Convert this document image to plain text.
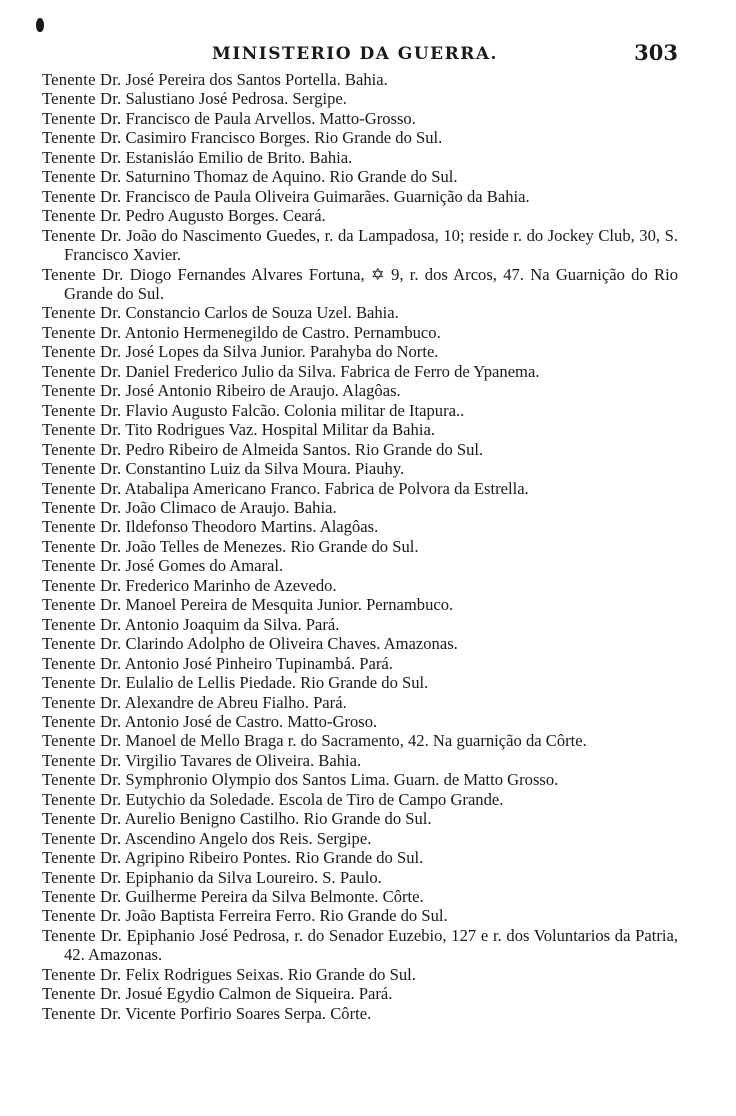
MINISTERIO DA GUERRA.	303
Tenente Dr. José Pereira dos Santos Portella. Bahia.
Tenente Dr. Salustiano José Pedrosa. Sergipe.
Tenente Dr. Francisco de Paula Arvellos. Matto-Grosso.
Tenente Dr. Casimiro Francisco Borges. Rio Grande do Sul.
Tenente Dr. Estanisláo Emilio de Brito. Bahia.
Tenente Dr. Saturnino Thomaz de Aquino. Rio Grande do Sul.
Tenente Dr. Francisco de Paula Oliveira Guimarães. Guarnição da Bahia.
Tenente Dr. Pedro Augusto Borges. Ceará.
Tenente Dr. João do Nascimento Guedes, r. da Lampadosa, 10; reside r. do Jockey Club, 30, S. Francisco Xavier.
Tenente Dr. Diogo Fernandes Alvares Fortuna, ✡ 9, r. dos Arcos, 47. Na Guarnição do Rio Grande do Sul.
Tenente Dr. Constancio Carlos de Souza Uzel. Bahia.
Tenente Dr. Antonio Hermenegildo de Castro. Pernambuco.
Tenente Dr. José Lopes da Silva Junior. Parahyba do Norte.
Tenente Dr. Daniel Frederico Julio da Silva. Fabrica de Ferro de Ypanema.
Tenente Dr. José Antonio Ribeiro de Araujo. Alagôas.
Tenente Dr. Flavio Augusto Falcão. Colonia militar de Itapura..
Tenente Dr. Tito Rodrigues Vaz. Hospital Militar da Bahia.
Tenente Dr. Pedro Ribeiro de Almeida Santos. Rio Grande do Sul.
Tenente Dr. Constantino Luiz da Silva Moura. Piauhy.
Tenente Dr. Atabalipa Americano Franco. Fabrica de Polvora da Estrella.
Tenente Dr. João Climaco de Araujo. Bahia.
Tenente Dr. Ildefonso Theodoro Martins. Alagôas.
Tenente Dr. João Telles de Menezes. Rio Grande do Sul.
Tenente Dr. José Gomes do Amaral.
Tenente Dr. Frederico Marinho de Azevedo.
Tenente Dr. Manoel Pereira de Mesquita Junior. Pernambuco.
Tenente Dr. Antonio Joaquim da Silva. Pará.
Tenente Dr. Clarindo Adolpho de Oliveira Chaves. Amazonas.
Tenente Dr. Antonio José Pinheiro Tupinambá. Pará.
Tenente Dr. Eulalio de Lellis Piedade. Rio Grande do Sul.
Tenente Dr. Alexandre de Abreu Fialho. Pará.
Tenente Dr. Antonio José de Castro. Matto-Groso.
Tenente Dr. Manoel de Mello Braga r. do Sacramento, 42. Na guarnição da Côrte.
Tenente Dr. Virgilio Tavares de Oliveira. Bahia.
Tenente Dr. Symphronio Olympio dos Santos Lima. Guarn. de Matto Grosso.
Tenente Dr. Eutychio da Soledade. Escola de Tiro de Campo Grande.
Tenente Dr. Aurelio Benigno Castilho. Rio Grande do Sul.
Tenente Dr. Ascendino Angelo dos Reis. Sergipe.
Tenente Dr. Agripino Ribeiro Pontes. Rio Grande do Sul.
Tenente Dr. Epiphanio da Silva Loureiro. S. Paulo.
Tenente Dr. Guilherme Pereira da Silva Belmonte. Côrte.
Tenente Dr. João Baptista Ferreira Ferro. Rio Grande do Sul.
Tenente Dr. Epiphanio José Pedrosa, r. do Senador Euzebio, 127 e r. dos Voluntarios da Patria, 42. Amazonas.
Tenente Dr. Felix Rodrigues Seixas. Rio Grande do Sul.
Tenente Dr. Josué Egydio Calmon de Siqueira. Pará.
Tenente Dr. Vicente Porfirio Soares Serpa. Côrte.
